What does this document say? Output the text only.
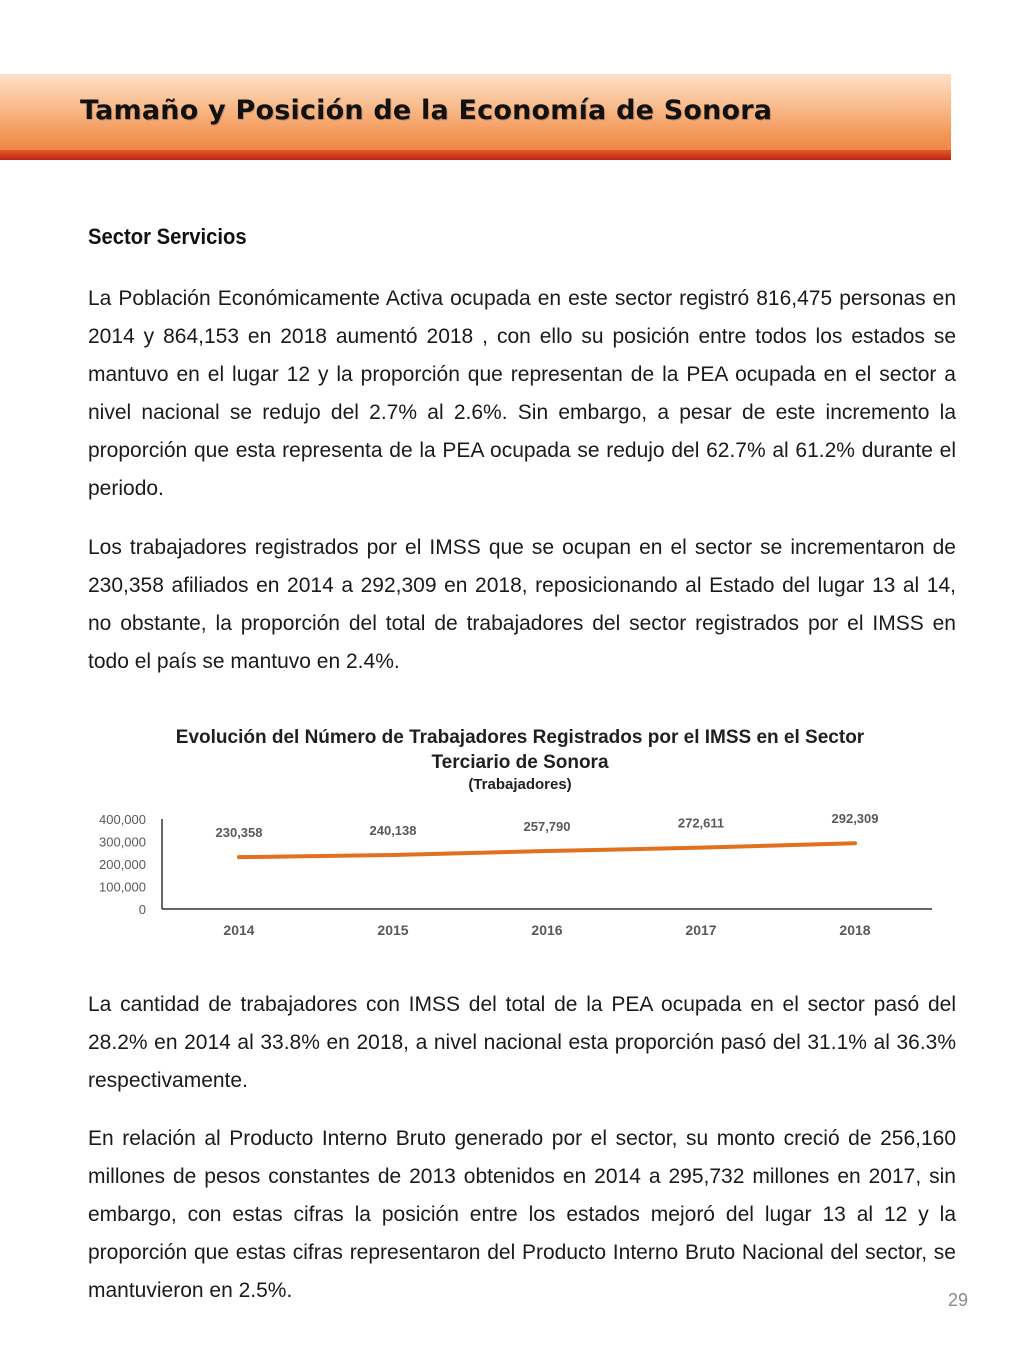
Tamaño y Posición de la Economía de Sonora
Sector Servicios

La Población Económicamente Activa ocupada en este sector registró 816,475 personas en 2014 y 864,153 en 2018 aumentó 2018 , con ello su posición entre todos los estados se mantuvo en el lugar 12 y la proporción que representan de la PEA ocupada en el sector a nivel nacional se redujo del 2.7% al 2.6%. Sin embargo, a pesar de este incremento la proporción que esta representa de la PEA ocupada se redujo del 62.7% al 61.2% durante el periodo.

Los trabajadores registrados por el IMSS que se ocupan en el sector se incrementaron de 230,358 afiliados en 2014 a 292,309 en 2018, reposicionando al Estado del lugar 13 al 14, no obstante, la proporción del total de trabajadores del sector registrados por el IMSS en todo el país se mantuvo en 2.4%.

Evolución del Número de Trabajadores Registrados por el IMSS en el Sector Terciario de Sonora
(Trabajadores)
0
100,000
200,000
300,000
400,000
2014	2015	2016	2017	2018
230,358	240,138	257,790	272,611	292,309

La cantidad de trabajadores con IMSS del total de la PEA ocupada en el sector pasó del 28.2% en 2014 al 33.8% en 2018, a nivel nacional esta proporción pasó del 31.1% al 36.3% respectivamente.

En relación al Producto Interno Bruto generado por el sector, su monto creció de 256,160 millones de pesos constantes de 2013 obtenidos en 2014 a 295,732 millones en 2017, sin embargo, con estas cifras la posición entre los estados mejoró del lugar 13 al 12 y la proporción que estas cifras representaron del Producto Interno Bruto Nacional del sector, se mantuvieron en 2.5%.	29
